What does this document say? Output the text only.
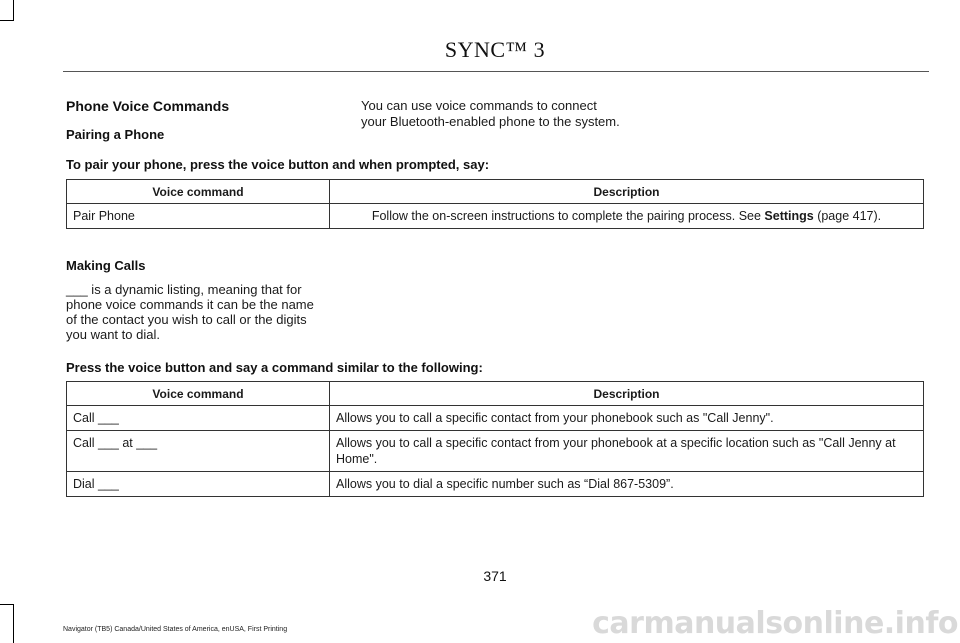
SYNC™ 3
Phone Voice Commands
Pairing a Phone
You can use voice commands to connect
your Bluetooth-enabled phone to the system.
To pair your phone, press the voice button and when prompted, say:
Voice command	Description
Pair Phone	Follow the on-screen instructions to complete the pairing process. See Settings (page 417).
Making Calls
___ is a dynamic listing, meaning that for
phone voice commands it can be the name
of the contact you wish to call or the digits
you want to dial.
Press the voice button and say a command similar to the following:
Voice command	Description
Call ___	Allows you to call a specific contact from your phonebook such as "Call Jenny".
Call ___ at ___	Allows you to call a specific contact from your phonebook at a specific location such as "Call Jenny at Home".
Dial ___	Allows you to dial a specific number such as “Dial 867-5309”.
371
Navigator (TB5) Canada/United States of America, enUSA, First Printing	carmanualsonline.info
